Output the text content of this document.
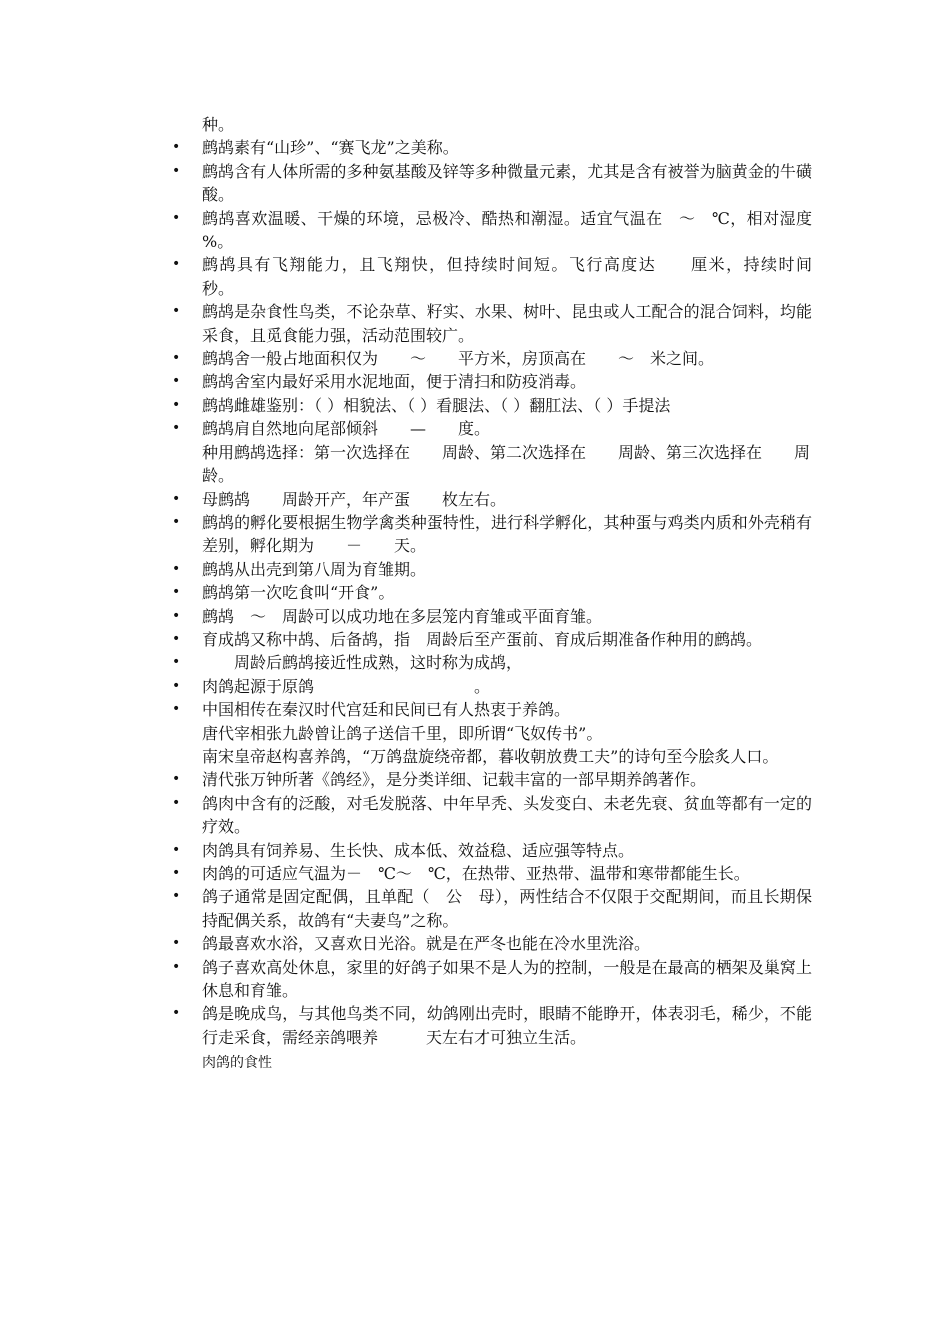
种。
• 鹧鸪素有“山珍”、“赛飞龙”之美称。
• 鹧鸪含有人体所需的多种氨基酸及锌等多种微量元素，尤其是含有被誉为脑黄金的牛磺酸。
• 鹧鸪喜欢温暖、干燥的环境，忌极冷、酷热和潮湿。适宜气温在　～　℃，相对湿度　　%。
• 鹧鸪具有飞翔能力，且飞翔快，但持续时间短。飞行高度达　　厘米，持续时间　　秒。
• 鹧鸪是杂食性鸟类，不论杂草、籽实、水果、树叶、昆虫或人工配合的混合饲料，均能采食，且觅食能力强，活动范围较广。
• 鹧鸪舍一般占地面积仅为　　～　　平方米，房顶高在　　～　米之间。
• 鹧鸪舍室内最好采用水泥地面，便于清扫和防疫消毒。
• 鹧鸪雌雄鉴别：（ ）相貌法、（ ）看腿法、（ ）翻肛法、（ ）手提法
• 鹧鸪肩自然地向尾部倾斜　　—　　度。
种用鹧鸪选择：第一次选择在　　周龄、第二次选择在　　周龄、第三次选择在　　周龄。
• 母鹧鸪　　周龄开产，年产蛋　　枚左右。
• 鹧鸪的孵化要根据生物学禽类种蛋特性，进行科学孵化，其种蛋与鸡类内质和外壳稍有差别，孵化期为　　－　　天。
• 鹧鸪从出壳到第八周为育雏期。
• 鹧鸪第一次吃食叫“开食”。
• 鹧鸪　～　周龄可以成功地在多层笼内育雏或平面育雏。
• 育成鸪又称中鸪、后备鸪，指　周龄后至产蛋前、育成后期准备作种用的鹧鸪。
• 　　周龄后鹧鸪接近性成熟，这时称为成鸪，
• 肉鸽起源于原鸽　　　　　　　　　　。
• 中国相传在秦汉时代宫廷和民间已有人热衷于养鸽。
唐代宰相张九龄曾让鸽子送信千里，即所谓“飞奴传书”。
南宋皇帝赵构喜养鸽，“万鸽盘旋绕帝都，暮收朝放费工夫”的诗句至今脍炙人口。
• 清代张万钟所著《鸽经》，是分类详细、记载丰富的一部早期养鸽著作。
• 鸽肉中含有的泛酸，对毛发脱落、中年早秃、头发变白、未老先衰、贫血等都有一定的疗效。
• 肉鸽具有饲养易、生长快、成本低、效益稳、适应强等特点。
• 肉鸽的可适应气温为－　℃～　℃，在热带、亚热带、温带和寒带都能生长。
• 鸽子通常是固定配偶，且单配（　公　母），两性结合不仅限于交配期间，而且长期保持配偶关系，故鸽有“夫妻鸟”之称。
• 鸽最喜欢水浴，又喜欢日光浴。就是在严冬也能在冷水里洗浴。
• 鸽子喜欢高处休息，家里的好鸽子如果不是人为的控制，一般是在最高的栖架及巢窝上休息和育雏。
• 鸽是晚成鸟，与其他鸟类不同，幼鸽刚出壳时，眼睛不能睁开，体表羽毛，稀少，不能行走采食，需经亲鸽喂养　　　天左右才可独立生活。
肉鸽的食性
